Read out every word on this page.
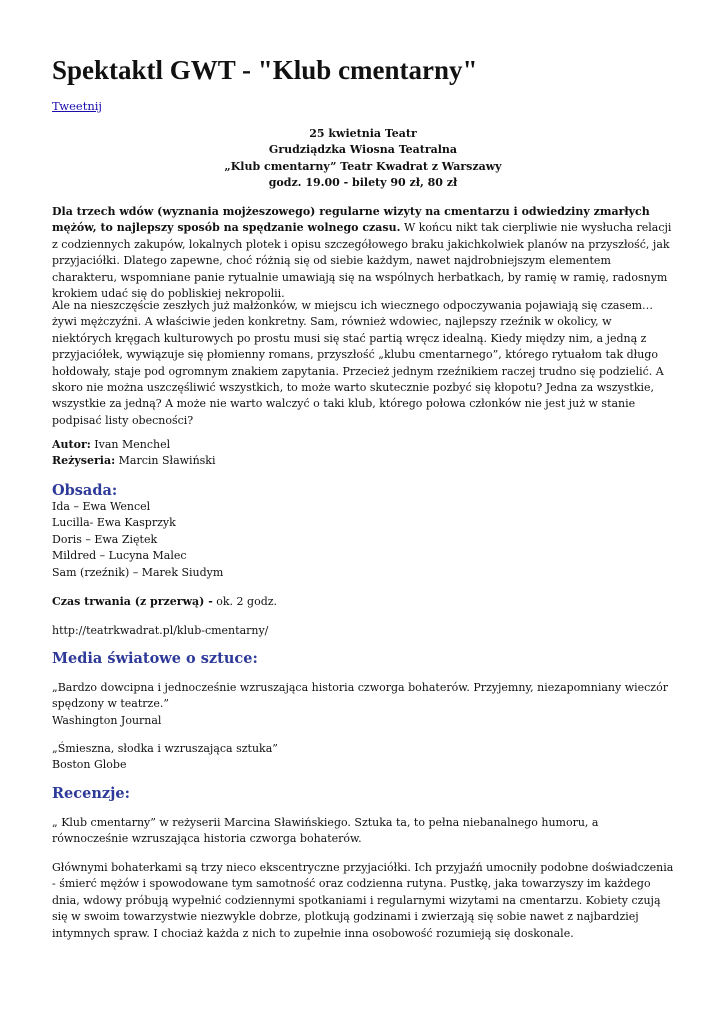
Spektaktl GWT - "Klub cmentarny"
Tweetnij
25 kwietnia Teatr
Grudziądzka Wiosna Teatralna
„Klub cmentarny” Teatr Kwadrat z Warszawy
godz. 19.00 - bilety 90 zł, 80 zł

Dla trzech wdów (wyznania mojżeszowego) regularne wizyty na cmentarzu i odwiedziny zmarłych mężów, to najlepszy sposób na spędzanie wolnego czasu. W końcu nikt tak cierpliwie nie wysłucha relacji z codziennych zakupów, lokalnych plotek i opisu szczegółowego braku jakichkolwiek planów na przyszłość, jak przyjaciółki. Dlatego zapewne, choć różnią się od siebie każdym, nawet najdrobniejszym elementem charakteru, wspomniane panie rytualnie umawiają się na wspólnych herbatkach, by ramię w ramię, radosnym krokiem udać się do pobliskiej nekropolii.

Ale na nieszczęście zeszłych już małżonków, w miejscu ich wiecznego odpoczywania pojawiają się czasem… żywi mężczyźni. A właściwie jeden konkretny. Sam, również wdowiec, najlepszy rzeźnik w okolicy, w niektórych kręgach kulturowych po prostu musi się stać partią wręcz idealną. Kiedy między nim, a jedną z przyjaciółek, wywiązuje się płomienny romans, przyszłość „klubu cmentarnego”, którego rytuałom tak długo hołdowały, staje pod ogromnym znakiem zapytania. Przecież jednym rzeźnikiem raczej trudno się podzielić. A skoro nie można uszczęśliwić wszystkich, to może warto skutecznie pozbyć się kłopotu? Jedna za wszystkie, wszystkie za jedną? A może nie warto walczyć o taki klub, którego połowa członków nie jest już w stanie podpisać listy obecności?

Autor: Ivan Menchel
Reżyseria: Marcin Sławiński
Obsada:
Ida – Ewa Wencel
Lucilla- Ewa Kasprzyk
Doris – Ewa Ziętek
Mildred – Lucyna Malec
Sam (rzeźnik) – Marek Siudym

Czas trwania (z przerwą) - ok. 2 godz.

http://teatrkwadrat.pl/klub-cmentarny/

Media światowe o sztuce:

„Bardzo dowcipna i jednocześnie wzruszająca historia czworga bohaterów. Przyjemny, niezapomniany wieczór spędzony w teatrze.”
Washington Journal

„Śmieszna, słodka i wzruszająca sztuka”
Boston Globe

Recenzje:

„ Klub cmentarny” w reżyserii Marcina Sławińskiego. Sztuka ta, to pełna niebanalnego humoru, a równocześnie wzruszająca historia czworga bohaterów.

Głównymi bohaterkami są trzy nieco ekscentryczne przyjaciółki. Ich przyjaźń umocniły podobne doświadczenia - śmierć mężów i spowodowane tym samotność oraz codzienna rutyna. Pustkę, jaka towarzyszy im każdego dnia, wdowy próbują wypełnić codziennymi spotkaniami i regularnymi wizytami na cmentarzu. Kobiety czują się w swoim towarzystwie niezwykle dobrze, plotkują godzinami i zwierzają się sobie nawet z najbardziej intymnych spraw. I chociaż każda z nich to zupełnie inna osobowość rozumieją się doskonale.
